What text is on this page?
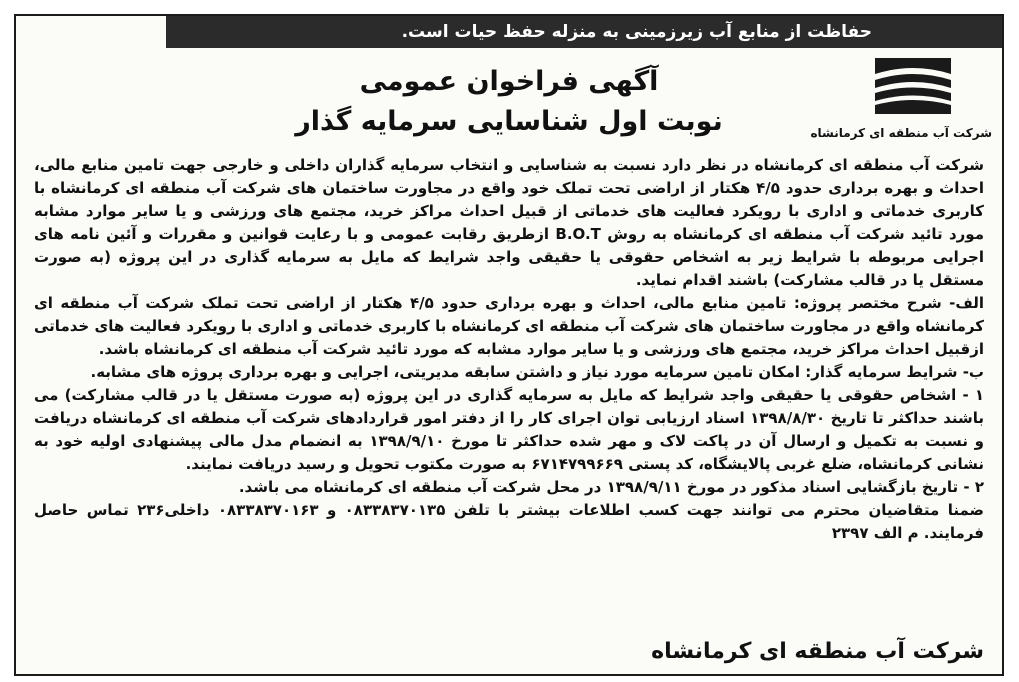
حفاظت از منابع آب زیرزمینی به منزله حفظ حیات است.
شرکت آب منطقه ای کرمانشاه
آگهی فراخوان عمومی
نوبت اول شناسایی سرمایه گذار

شرکت آب منطقه ای کرمانشاه در نظر دارد نسبت به شناسایی و انتخاب سرمایه گذاران داخلی و خارجی جهت تامین منابع مالی، احداث و بهره برداری حدود ۴/۵ هکتار از اراضی تحت تملک خود واقع در مجاورت ساختمان های شرکت آب منطقه ای کرمانشاه با کاربری خدماتی و اداری با رویکرد فعالیت های خدماتی از قبیل احداث مراکز خرید، مجتمع های ورزشی و یا سایر موارد مشابه مورد تائید شرکت آب منطقه ای کرمانشاه به روش B.O.T ازطریق رقابت عمومی و با رعایت قوانین و مقررات و آئین نامه های اجرایی مربوطه با شرایط زیر به اشخاص حقوقی یا حقیقی واجد شرایط که مایل به سرمایه گذاری در این پروژه (به صورت مستقل یا در قالب مشارکت) باشند اقدام نماید.

الف- شرح مختصر پروژه: تامین منابع مالی، احداث و بهره برداری حدود ۴/۵ هکتار از اراضی تحت تملک شرکت آب منطقه ای کرمانشاه واقع در مجاورت ساختمان های شرکت آب منطقه ای کرمانشاه با کاربری خدماتی و اداری با رویکرد فعالیت های خدماتی ازقبیل احداث مراکز خرید، مجتمع های ورزشی و یا سایر موارد مشابه که مورد تائید شرکت آب منطقه ای کرمانشاه باشد.

ب- شرایط سرمایه گذار: امکان تامین سرمایه مورد نیاز و داشتن سابقه مدیریتی، اجرایی و بهره برداری پروژه های مشابه.

۱ - اشخاص حقوقی یا حقیقی واجد شرایط که مایل به سرمایه گذاری در این پروژه (به صورت مستقل یا در قالب مشارکت) می باشند حداکثر تا تاریخ ۱۳۹۸/۸/۳۰ اسناد ارزیابی توان اجرای کار را از دفتر امور قراردادهای شرکت آب منطقه ای کرمانشاه دریافت و نسبت به تکمیل و ارسال آن در پاکت لاک و مهر شده حداکثر تا مورخ ۱۳۹۸/۹/۱۰ به انضمام مدل مالی پیشنهادی اولیه خود به نشانی کرمانشاه، ضلع غربی پالایشگاه، کد پستی ۶۷۱۴۷۹۹۶۶۹ به صورت مکتوب تحویل و رسید دریافت نمایند.

۲ - تاریخ بازگشایی اسناد مذکور در مورخ ۱۳۹۸/۹/۱۱ در محل شرکت آب منطقه ای کرمانشاه می باشد.

ضمنا متقاضیان محترم می توانند جهت کسب اطلاعات بیشتر با تلفن ۰۸۳۳۸۳۷۰۱۳۵ و ۰۸۳۳۸۳۷۰۱۶۳ داخلی۲۳۶ تماس حاصل فرمایند. م الف ۲۳۹۷

شرکت آب منطقه ای کرمانشاه
